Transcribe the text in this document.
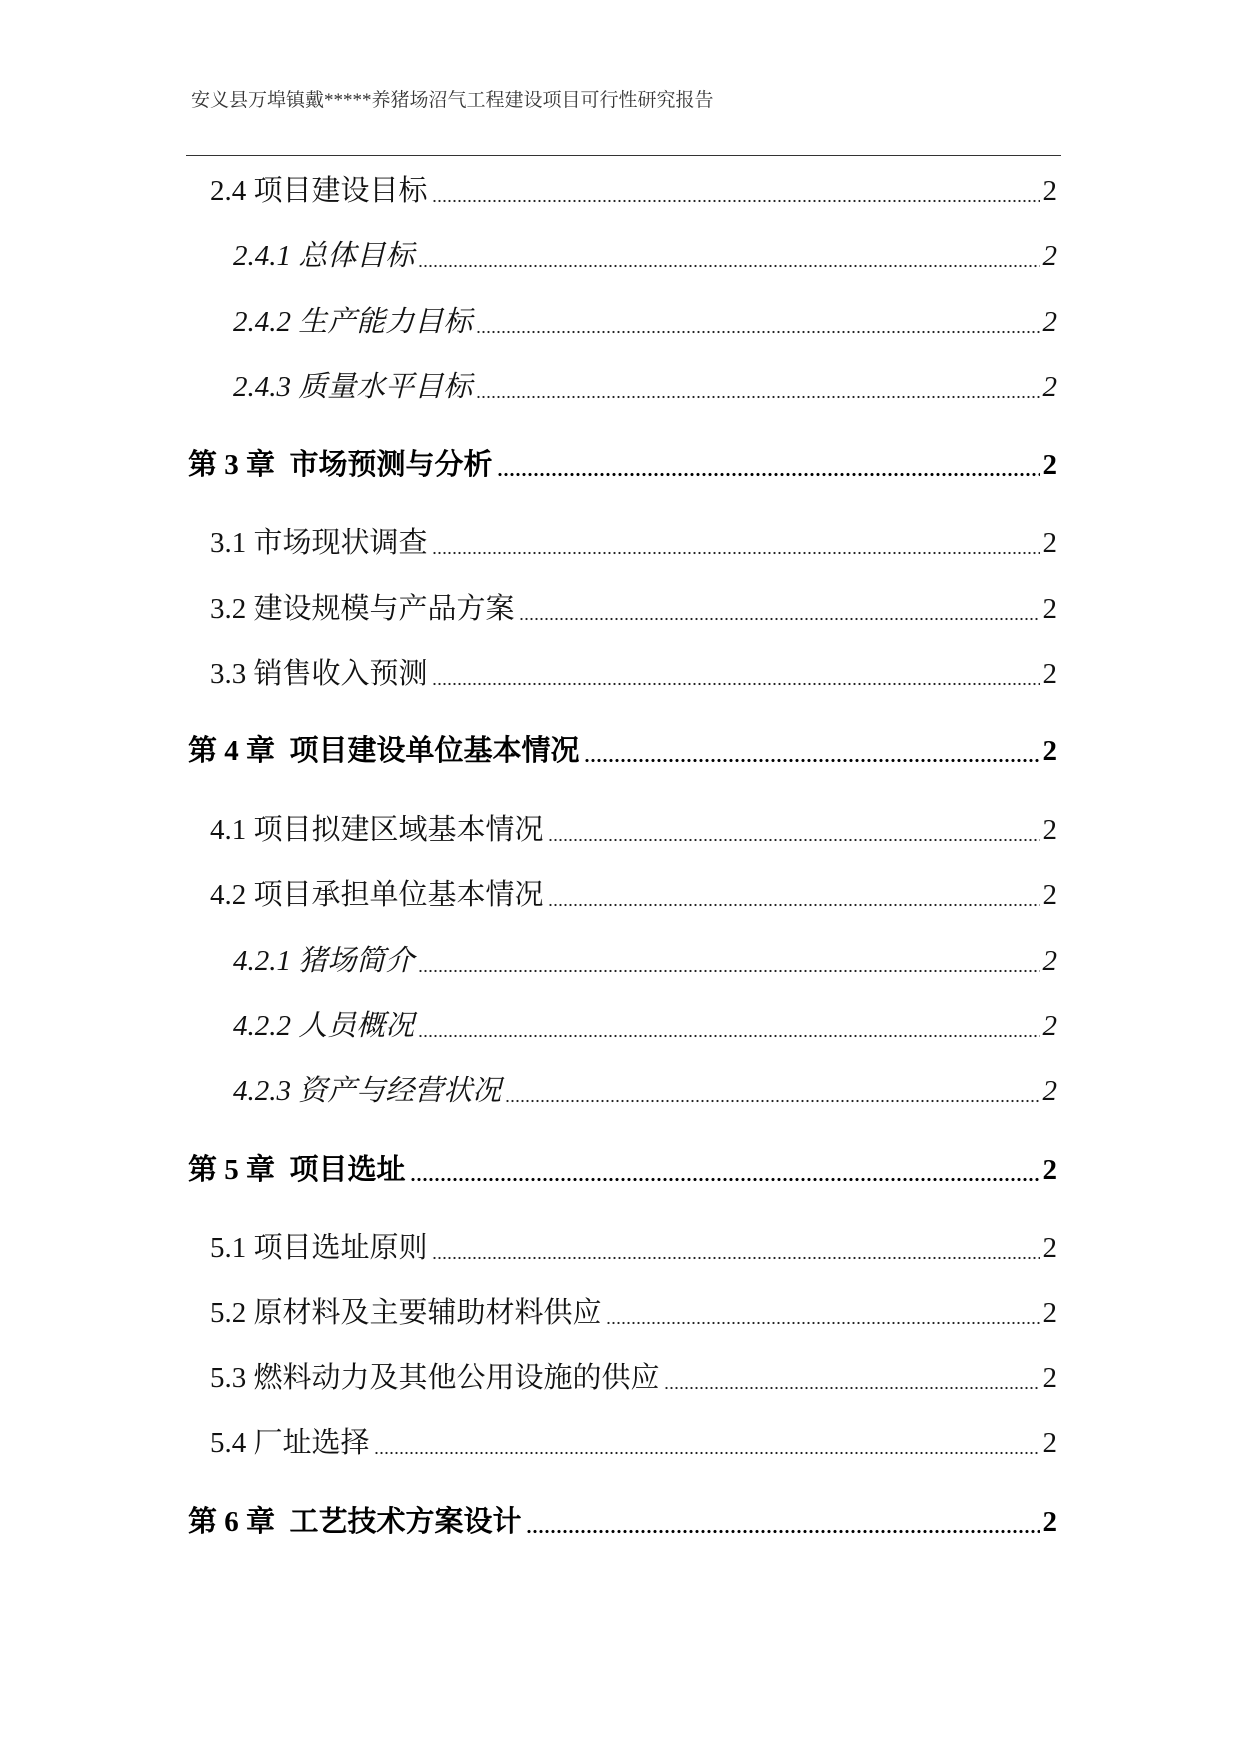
安义县万埠镇戴*****养猪场沼气工程建设项目可行性研究报告
2.4 项目建设目标	2
2.4.1 总体目标	2
2.4.2 生产能力目标	2
2.4.3 质量水平目标	2
第 3 章  市场预测与分析	2
3.1 市场现状调查	2
3.2 建设规模与产品方案	2
3.3 销售收入预测	2
第 4 章  项目建设单位基本情况	2
4.1 项目拟建区域基本情况	2
4.2 项目承担单位基本情况	2
4.2.1 猪场简介	2
4.2.2 人员概况	2
4.2.3 资产与经营状况	2
第 5 章  项目选址	2
5.1 项目选址原则	2
5.2 原材料及主要辅助材料供应	2
5.3 燃料动力及其他公用设施的供应	2
5.4 厂址选择	2
第 6 章  工艺技术方案设计	2
